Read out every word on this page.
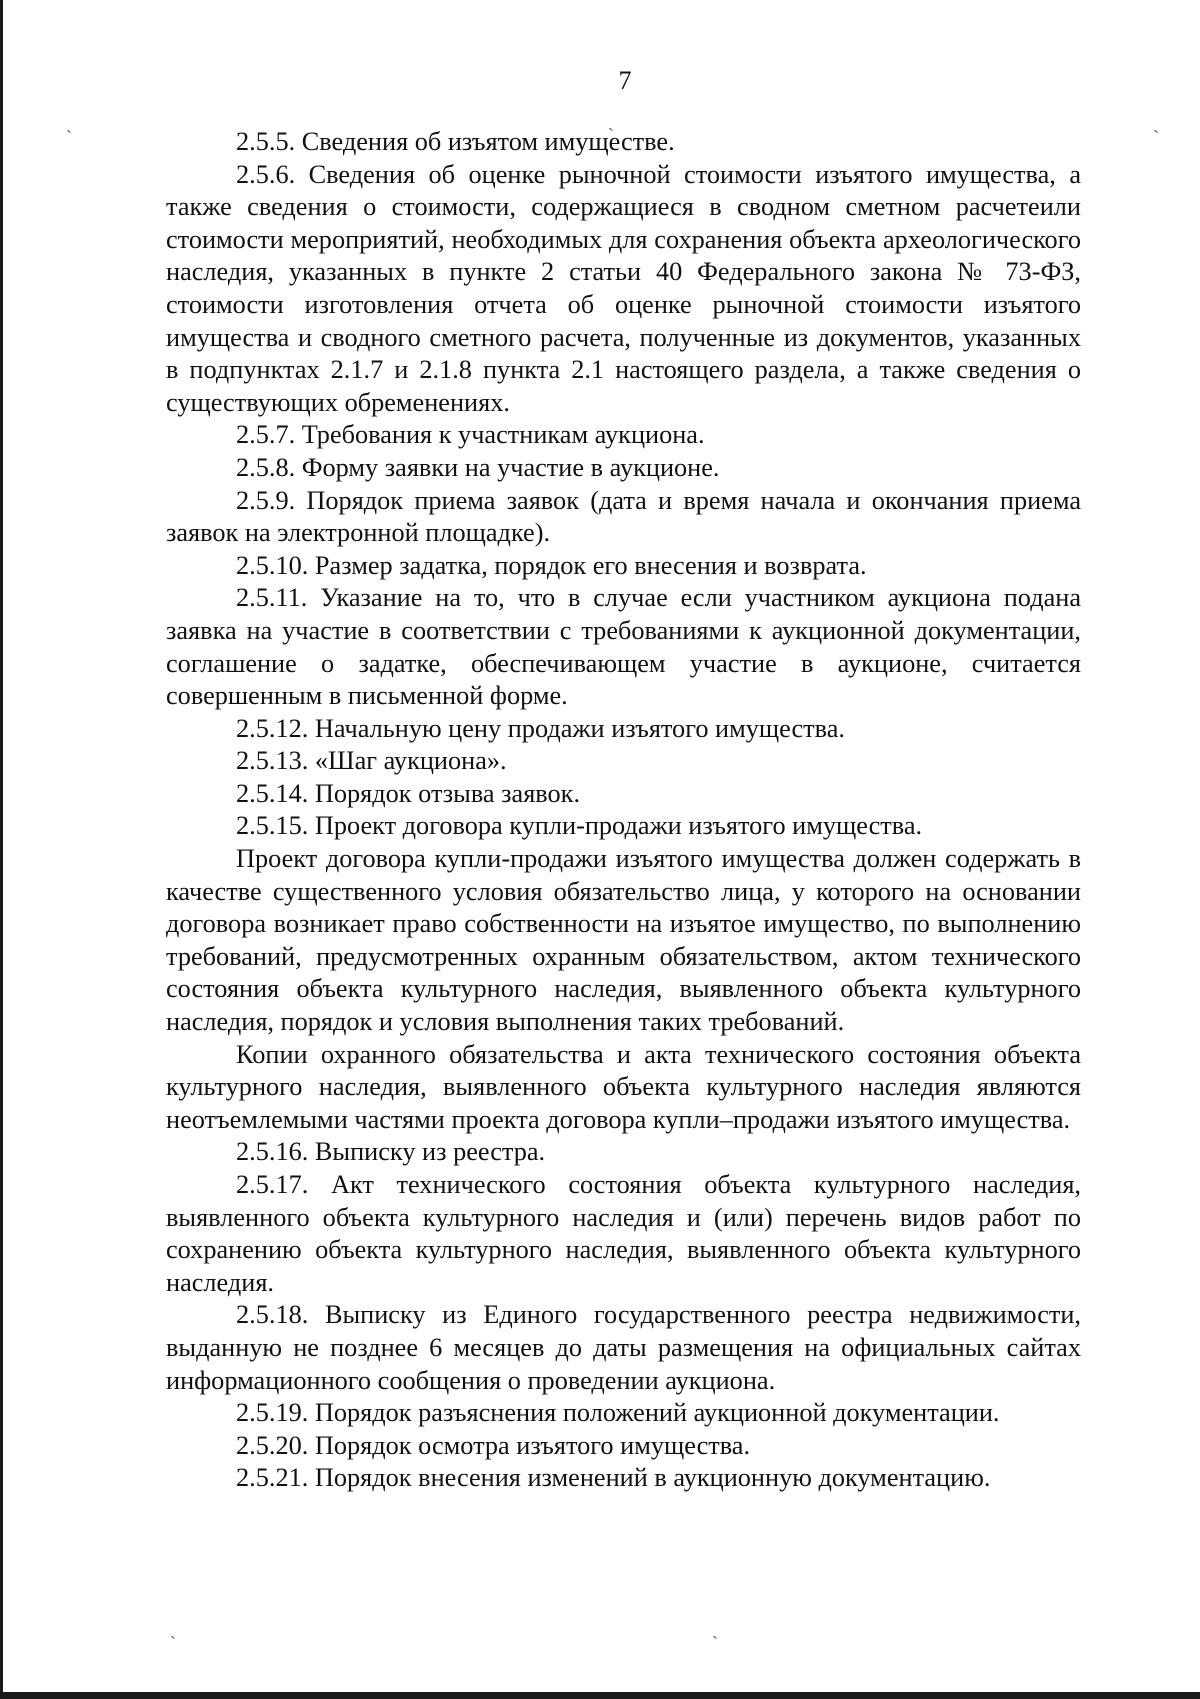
ˏ	ˏ	ˏ
ˏ	ˏ
7

2.5.5. Сведения об изъятом имуществе.

2.5.6. Сведения об оценке рыночной стоимости изъятого имущества, а также сведения о стоимости, содержащиеся в сводном сметном расчетеили стоимости мероприятий, необходимых для сохранения объекта археологического наследия, указанных в пункте 2 статьи 40 Федерального закона № 73-ФЗ, стоимости изготовления отчета об оценке рыночной стоимости изъятого имущества и сводного сметного расчета, полученные из документов, указанных в подпунктах 2.1.7 и 2.1.8 пункта 2.1 настоящего раздела, а также сведения о существующих обременениях.

2.5.7. Требования к участникам аукциона.

2.5.8. Форму заявки на участие в аукционе.

2.5.9. Порядок приема заявок (дата и время начала и окончания приема заявок на электронной площадке).

2.5.10. Размер задатка, порядок его внесения и возврата.

2.5.11. Указание на то, что в случае если участником аукциона подана заявка на участие в соответствии с требованиями к аукционной документации, соглашение о задатке, обеспечивающем участие в аукционе, считается совершенным в письменной форме.

2.5.12. Начальную цену продажи изъятого имущества.

2.5.13. «Шаг аукциона».

2.5.14. Порядок отзыва заявок.

2.5.15. Проект договора купли-продажи изъятого имущества.

Проект договора купли-продажи изъятого имущества должен содержать в качестве существенного условия обязательство лица, у которого на основании договора возникает право собственности на изъятое имущество, по выполнению требований, предусмотренных охранным обязательством, актом технического состояния объекта культурного наследия, выявленного объекта культурного наследия, порядок и условия выполнения таких требований.

Копии охранного обязательства и акта технического состояния объекта культурного наследия, выявленного объекта культурного наследия являются неотъемлемыми частями проекта договора купли–продажи изъятого имущества.

2.5.16. Выписку из реестра.

2.5.17. Акт технического состояния объекта культурного наследия, выявленного объекта культурного наследия и (или) перечень видов работ по сохранению объекта культурного наследия, выявленного объекта культурного наследия.

2.5.18. Выписку из Единого государственного реестра недвижимости, выданную не позднее 6 месяцев до даты размещения на официальных сайтах информационного сообщения о проведении аукциона.

2.5.19. Порядок разъяснения положений аукционной документации.

2.5.20. Порядок осмотра изъятого имущества.

2.5.21. Порядок внесения изменений в аукционную документацию.
